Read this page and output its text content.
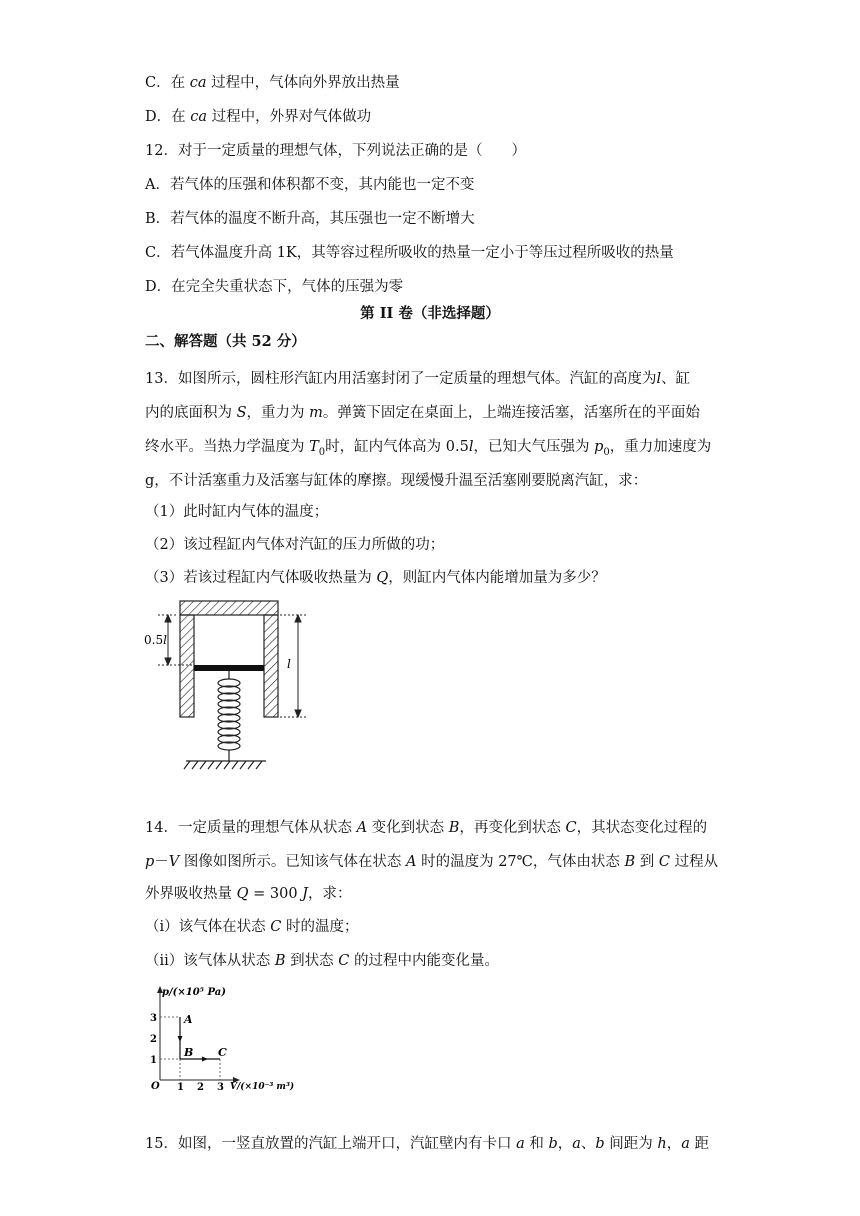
C．在 ca 过程中，气体向外界放出热量
D．在 ca 过程中，外界对气体做功
12．对于一定质量的理想气体，下列说法正确的是（　　）
A．若气体的压强和体积都不变，其内能也一定不变
B．若气体的温度不断升高，其压强也一定不断增大
C．若气体温度升高 1K，其等容过程所吸收的热量一定小于等压过程所吸收的热量
D．在完全失重状态下，气体的压强为零
第 II 卷（非选择题）
二、解答题（共 52 分）
13．如图所示，圆柱形汽缸内用活塞封闭了一定质量的理想气体。汽缸的高度为l、缸
内的底面积为 S，重力为 m。弹簧下固定在桌面上，上端连接活塞，活塞所在的平面始
终水平。当热力学温度为 $T_0$时，缸内气体高为 0.5l，已知大气压强为 $p_0$，重力加速度为
g，不计活塞重力及活塞与缸体的摩擦。现缓慢升温至活塞刚要脱离汽缸，求：
（1）此时缸内气体的温度；
（2）该过程缸内气体对汽缸的压力所做的功；
（3）若该过程缸内气体吸收热量为 Q，则缸内气体内能增加量为多少？
0.5l
l
14．一定质量的理想气体从状态 A 变化到状态 B，再变化到状态 C，其状态变化过程的
p－V 图像如图所示。已知该气体在状态 A 时的温度为 27℃，气体由状态 B 到 C 过程从
外界吸收热量 Q = 300 J，求：
（i）该气体在状态 C 时的温度；
（ii）该气体从状态 B 到状态 C 的过程中内能变化量。
p/(×10⁵ Pa)
V/(×10⁻³ m³)
O
1
2
3
1 2 3
A
B C
15．如图，一竖直放置的汽缸上端开口，汽缸壁内有卡口 a 和 b，a、b 间距为 h，a 距
